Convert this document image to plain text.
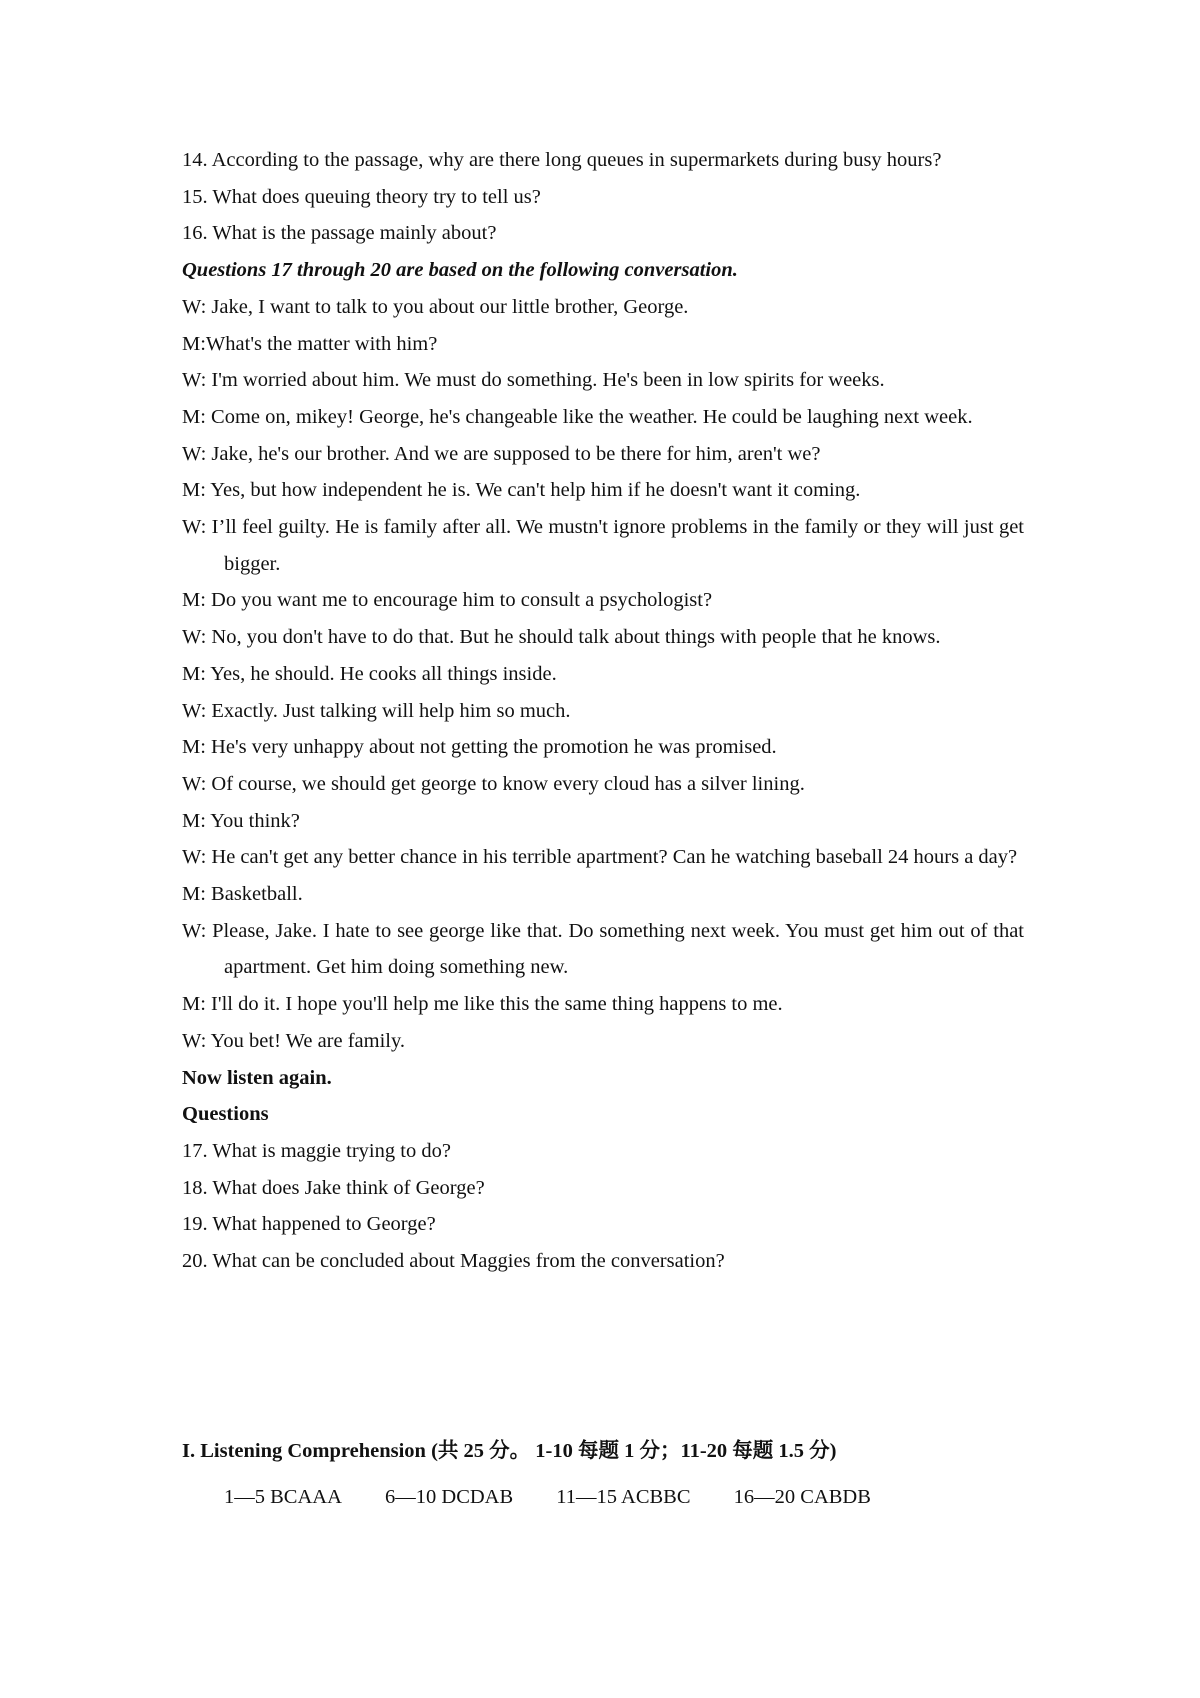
14. According to the passage, why are there long queues in supermarkets during busy hours?

15. What does queuing theory try to tell us?

16. What is the passage mainly about?

Questions 17 through 20 are based on the following conversation.

W: Jake, I want to talk to you about our little brother, George.

M:What's the matter with him?

W: I'm worried about him. We must do something. He's been in low spirits for weeks.

M: Come on, mikey! George, he's changeable like the weather. He could be laughing next week.

W: Jake, he's our brother. And we are supposed to be there for him, aren't we?

M: Yes, but how independent he is. We can't help him if he doesn't want it coming.

W: I’ll feel guilty. He is family after all. We mustn't ignore problems in the family or they will just get bigger.

M: Do you want me to encourage him to consult a psychologist?

W: No, you don't have to do that. But he should talk about things with people that he knows.

M: Yes, he should. He cooks all things inside.

W: Exactly. Just talking will help him so much.

M: He's very unhappy about not getting the promotion he was promised.

W: Of course, we should get george to know every cloud has a silver lining.

M: You think?

W: He can't get any better chance in his terrible apartment? Can he watching baseball 24 hours a day?

M: Basketball.

W: Please, Jake. I hate to see george like that. Do something next week. You must get him out of that apartment. Get him doing something new.

M: I'll do it. I hope you'll help me like this the same thing happens to me.

W: You bet! We are family.

Now listen again.

Questions

17. What is maggie trying to do?

18. What does Jake think of George?

19. What happened to George?

20. What can be concluded about Maggies from the conversation?

I. Listening Comprehension (共 25 分。 1-10 每题 1 分；11-20 每题 1.5 分)
1—5 BCAAA 6—10 DCDAB 11—15 ACBBC 16—20 CABDB
